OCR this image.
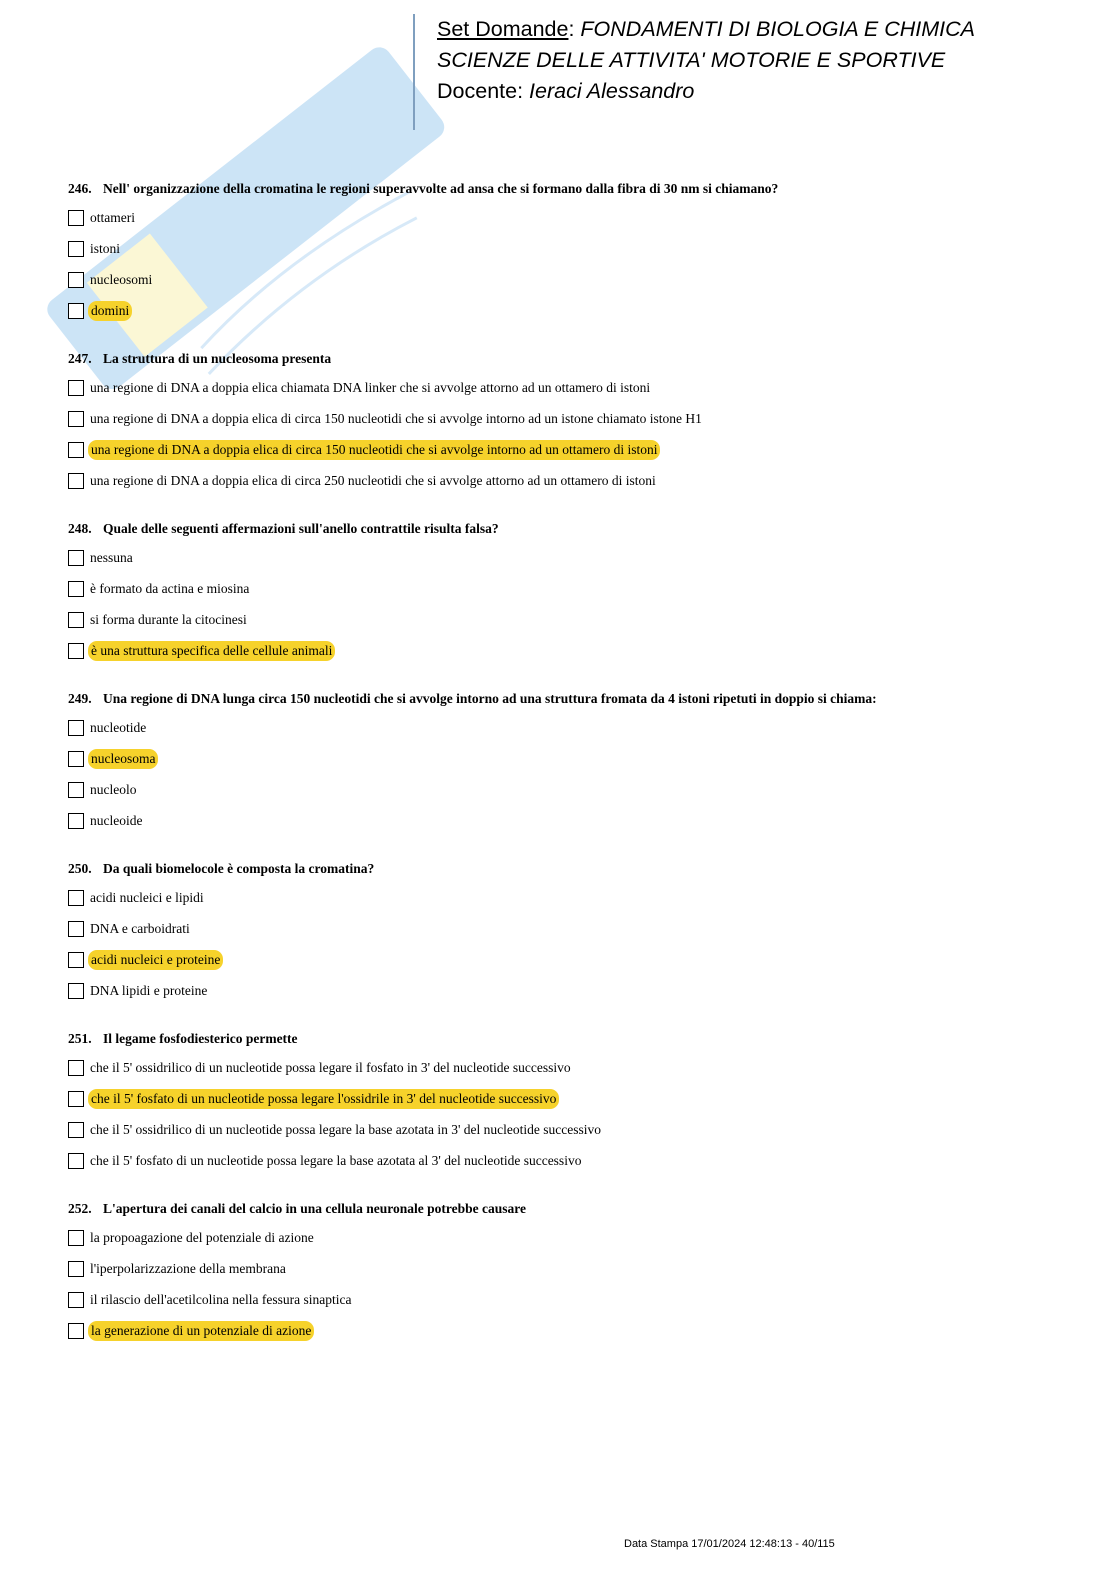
Set Domande: FONDAMENTI DI BIOLOGIA E CHIMICA
SCIENZE DELLE ATTIVITA' MOTORIE E SPORTIVE
Docente: Ieraci Alessandro
246. Nell' organizzazione della cromatina le regioni superavvolte ad ansa che si formano dalla fibra di 30 nm si chiamano?
ottameri
istoni
nucleosomi
domini
247. La struttura di un nucleosoma presenta
una regione di DNA a doppia elica chiamata DNA linker che si avvolge attorno ad un ottamero di istoni
una regione di DNA a doppia elica di circa 150 nucleotidi che si avvolge intorno ad un istone chiamato istone H1
una regione di DNA a doppia elica di circa 150 nucleotidi che si avvolge intorno ad un ottamero di istoni
una regione di DNA a doppia elica di circa 250 nucleotidi che si avvolge attorno ad un ottamero di istoni
248. Quale delle seguenti affermazioni sull'anello contrattile risulta falsa?
nessuna
è formato da actina e miosina
si forma durante la citocinesi
è una struttura specifica delle cellule animali
249. Una regione di DNA lunga circa 150 nucleotidi che si avvolge intorno ad una struttura fromata da 4 istoni ripetuti in doppio si chiama:
nucleotide
nucleosoma
nucleolo
nucleoide
250. Da quali biomelocole è composta la cromatina?
acidi nucleici e lipidi
DNA e carboidrati
acidi nucleici e proteine
DNA lipidi e proteine
251. Il legame fosfodiesterico permette
che il 5' ossidrilico di un nucleotide possa legare il fosfato in 3' del nucleotide successivo
che il 5' fosfato di un nucleotide possa legare l'ossidrile in 3' del nucleotide successivo
che il 5' ossidrilico di un nucleotide possa legare la base azotata in 3' del nucleotide successivo
che il 5' fosfato di un nucleotide possa legare la base azotata al 3' del nucleotide successivo
252. L'apertura dei canali del calcio in una cellula neuronale potrebbe causare
la propoagazione del potenziale di azione
l'iperpolarizzazione della membrana
il rilascio dell'acetilcolina nella fessura sinaptica
la generazione di un potenziale di azione
Data Stampa 17/01/2024 12:48:13 - 40/115
